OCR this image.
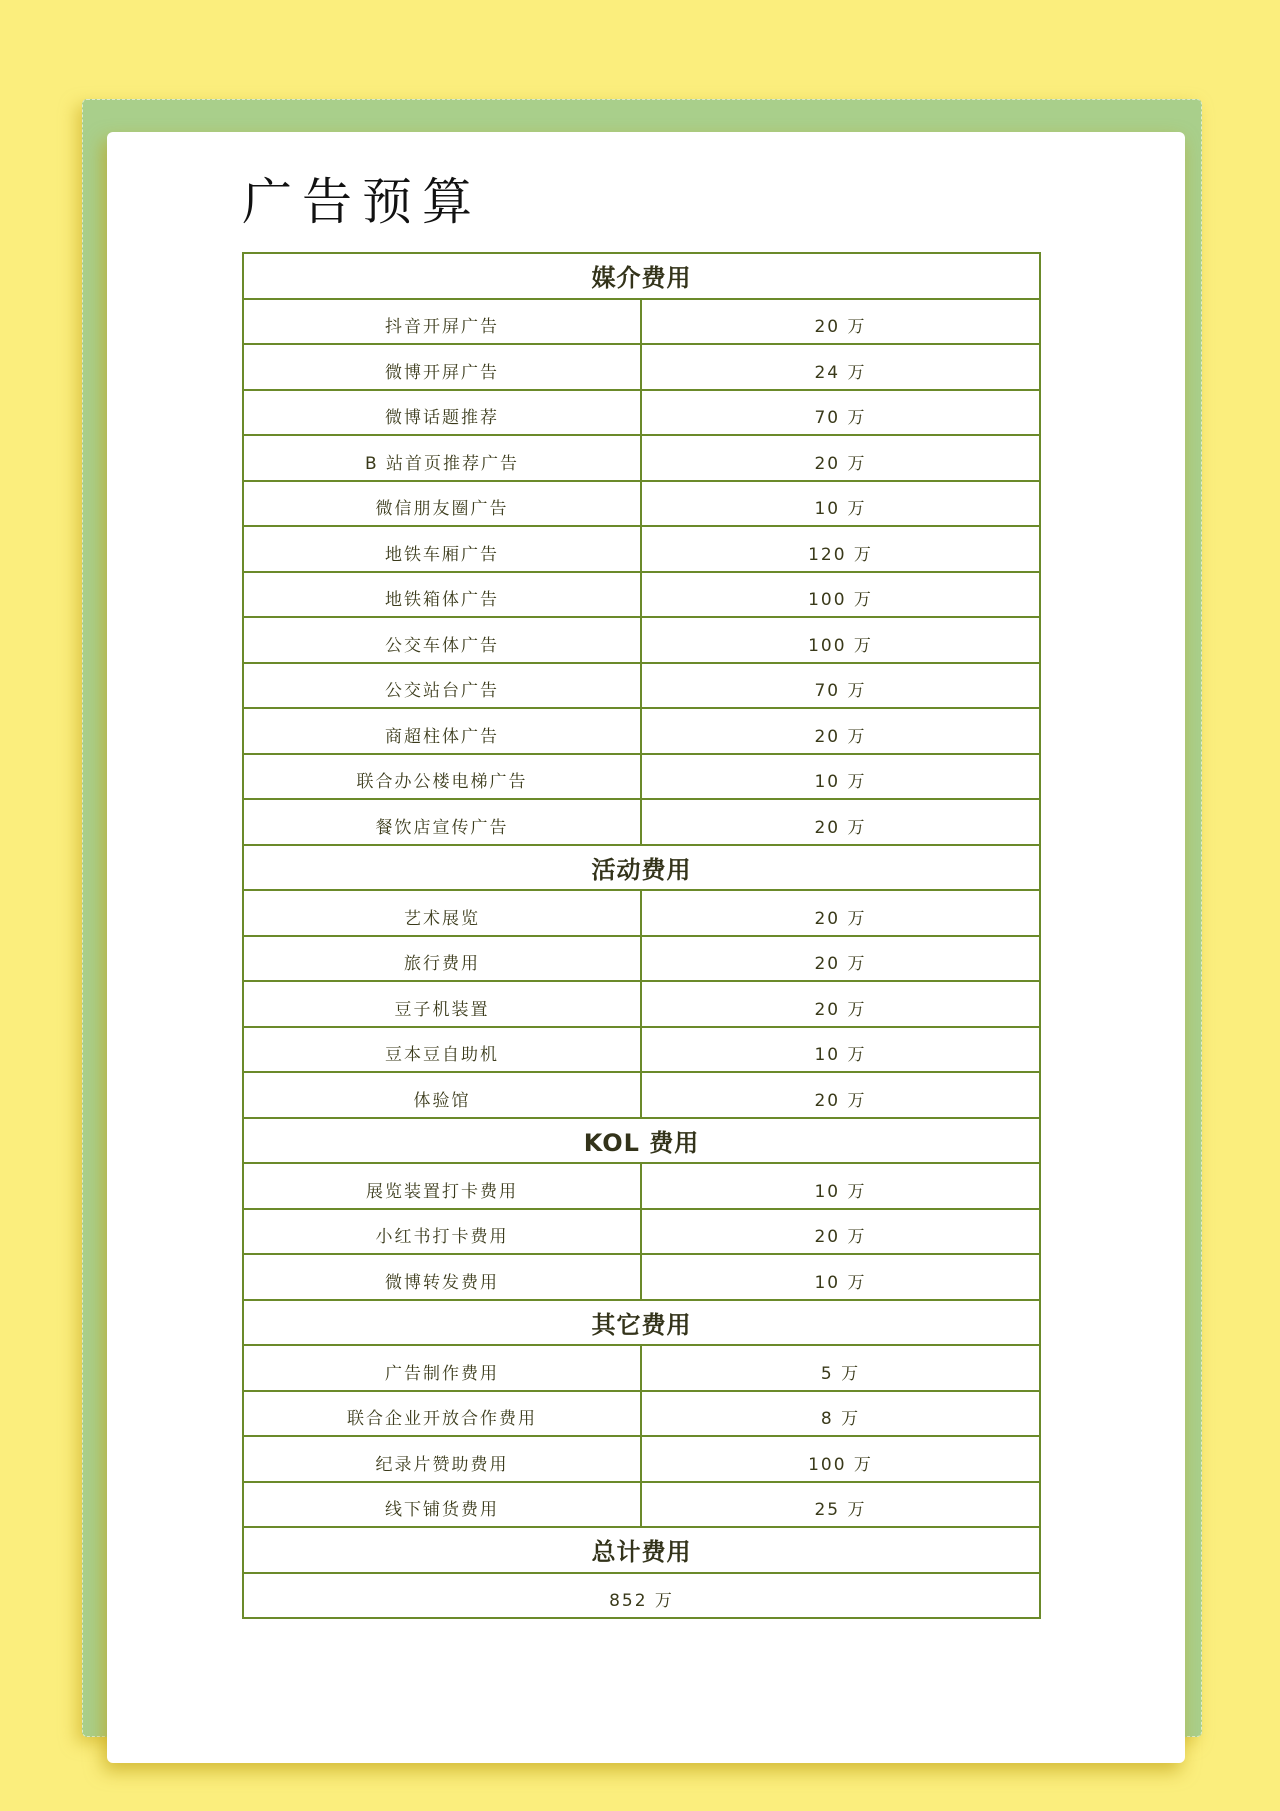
广告预算
媒介费用	
抖音开屏广告	20 万
微博开屏广告	24 万
微博话题推荐	70 万
B 站首页推荐广告	20 万
微信朋友圈广告	10 万
地铁车厢广告	120 万
地铁箱体广告	100 万
公交车体广告	100 万
公交站台广告	70 万
商超柱体广告	20 万
联合办公楼电梯广告	10 万
餐饮店宣传广告	20 万
活动费用	
艺术展览	20 万
旅行费用	20 万
豆子机装置	20 万
豆本豆自助机	10 万
体验馆	20 万
KOL 费用	
展览装置打卡费用	10 万
小红书打卡费用	20 万
微博转发费用	10 万
其它费用	
广告制作费用	5 万
联合企业开放合作费用	8 万
纪录片赞助费用	100 万
线下铺货费用	25 万
总计费用	
852 万	
